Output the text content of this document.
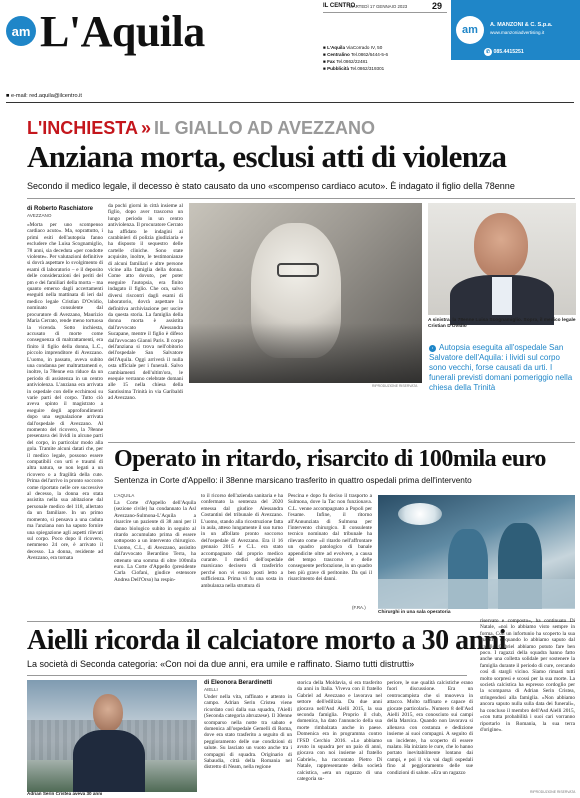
am L'Aquila
IL CENTRO
MARTEDÌ 17 GENNAIO 2023	29
■ L'Aquila ViaCorrado IV, 50
■ Centralino Tel.0862/6444-5-6
■ Fax Tel.0862/22481
■ Pubblicità Tel.0862/319301
am	A. MANZONI & C. S.p.a.
www.manzoniadvertising.it
✆ 085.4415251
■ e-mail: red.aquila@ilcentro.it
L'INCHIESTA » IL GIALLO AD AVEZZANO
Anziana morta, esclusi atti di violenza
Secondo il medico legale, il decesso è stato causato da uno «scompenso cardiaco acuto». È indagato il figlio della 78enne
di Roberto Raschiatore
AVEZZANO

«Morta per uno scompenso cardiaco acuto». Ma, soprattutto, i primi esiti dell'autopsia fanno escludere che Luisa Scognamiglio, 78 anni, sia deceduta «per condotte violente». Per valutazioni definitive si dovrà aspettare lo svolgimento di esami di laboratorio – e il deposito delle considerazioni dei periti del pm e dei familiari della morta – ma quanto emerso dagli accertamenti eseguiti nella mattinata di ieri dal medico legale Cristian D'Ovidio, nominato consulente dal procuratore di Avezzano, Maurizio Maria Cerrato, rende meno tortuosa la vicenda. Sotto inchiesta, accusato di morte come conseguenza di maltrattamenti, era finito il figlio della donna, L.C., piccolo imprenditore di Avezzano. L'uomo, in passato, aveva subito una condanna per maltrattamenti e, inoltre, la 78enne era riduce da un periodo di assistenza in un centro antiviolenza. L'anziana era arrivata in ospedale con delle ecchimosi su varie parti del corpo. Tutto ciò aveva spinto il magistrato a eseguire degli approfondimenti dopo una segnalazione arrivata dall'ospedale di Avezzano. Al momento del ricovero, la 78enne presentava dei lividi in alcune parti del corpo, in particolar modo alla gola. Tramite alcuni datati che, per il medico legale, possono essere compatibili con urti e traumi di altra natura, se non legati a un ricovero o a fragilità della cute. Prima dell'arrivo in pronto soccorso come riportato nelle ore successive al decesso, la donna era stata assistita nella sua abitazione dal personale medico del 118, allertato da un familiare. In un primo momento, si pensava a una caduta ma l'anziana non ha saputo fornire una spiegazione agli aspetti rilevati sul corpo. Poco dopo il ricovero, nemmeno 24 ore, è arrivato il decesso. La donna, residente ad Avezzano, era tornata

da pochi giorni in città insieme al figlio, dopo aver trascorso un lungo periodo in un centro antiviolenza. Il procuratore Cerrato ha affidato le indagini ai carabinieri di polizia giudiziaria e ha disposto il sequestro delle cartelle cliniche. Sono state acquisite, inoltre, le testimonianze di alcuni familiari e altre persone vicine alla famiglia della donna. Come atto dovuto, per poter eseguire l'autopsia, era finito indagato il figlio. Che ora, salvo diversi riscontri dagli esami di laboratorio, dovrà aspettare la definitiva archiviazione per uscire da questa storia. La famiglia della donna morta è assistita dall'avvocato Alessandra Sucapane, mentre il figlio è difeso dall'avvocato Gianni Paris. Il corpo dell'anziana si trova nell'obitorio dell'ospedale San Salvatore dell'Aquila. Oggi arriverà il nulla osta ufficiale per i funerali. Salvo cambiamenti dell'ultim'ora, le esequie verranno celebrate domani alle 15 nella chiesa della Santissima Trinità in via Garibaldi ad Avezzano.

RIPRODUZIONE RISERVATA
A sinistra, la 78enne Luisa Scognamiglio. Sopra, il medico legale Cristian D'Ovidio
› Autopsia eseguita all'ospedale San Salvatore dell'Aquila: i lividi sul corpo sono vecchi, forse causati da urti. I funerali previsti domani pomeriggio nella chiesa della Trinità
Operato in ritardo, risarcito di 100mila euro
Sentenza in Corte d'Appello: il 38enne marsicano trasferito in quattro ospedali prima dell'intervento
L'AQUILA

La Corte d'Appello dell'Aquila (sezione civile) ha condannato la Asl Avezzano-Sulmona-L'Aquila a risarcire un paziente di 38 anni per il danno biologico subito in seguito al ritardo accumulato prima di essere sottoposto a un intervento chirurgico. L'uomo, C.L., di Avezzano, assistito dall'avvocato Berardino Terra, ha ottenuto una somma di oltre 100mila euro. La Corte d'Appello (presidente Carla Ciofani, giudice estensore Andrea Dell'Orso) ha respin-

to il ricorso dell'azienda sanitaria e ha confermato la sentenza del 2020 emessa dal giudice Alessandra Costantini del tribunale di Avezzano. L'uomo, stando alla ricostruzione fatta in aula, atteso lungamente il suo turno in un affollato pronto soccorso dell'ospedale di Avezzano. Era il 16 gennaio 2015 e C.L. era stato accompagnato dal proprio medico curante. I medici dell'ospedale marsicano decisero di trasferirlo perché non vi erano posti letto a sufficienza. Prima vi fu una sosta in ambulanza nella struttura di

Pescina e dopo fu deciso il trasporto a Sulmona, dove la Tac non funzionava. C.L. venne accompagnato a Popoli per l'esame. Infine, il ritorno all'Annunziata di Sulmona per l'intervento chirurgico. Il consulente tecnico nominato dal tribunale ha rilevato come «il ritardo nell'affrontare un quadro patologico di banale appendicite oltre ad evolvere, a causa del tempo trascorso e delle conseguente perforazione, in un quadro ben più grave di peritonite. Da qui il risarcimento dei danni.

(F.RA.)
Chirurghi in una sala operatoria
Aielli ricorda il calciatore morto a 30 anni
La società di Seconda categoria: «Con noi da due anni, era umile e raffinato. Siamo tutti distrutti»
Adrian Serin Cristea aveva 30 anni
di Eleonora Berardinetti
AIELLI

Under nella vita, raffinato e attento in campo. Adrian Serin Cristea viene ricordato così dalla sua squadra, l'Aielli (Seconda categoria abruzzese). Il 30enne scomparso nella notte tra sabato e domenica all'ospedale Gemelli di Roma, dove era stato trasferito a seguito di un peggioramento delle sue condizioni di salute. Su lasciato un vuoto anche tra i compagni di squadra. Originario di Sabaudia, città della Romania nel distretto di Neam, nella regione

storica della Moldavia, si era trasferito da anni in Italia. Viveva con il fratello Gabriel ad Avezzano e lavorava nel settore dell'edilizia. Da due anni giocava nell'Asd Aielli 2015, la sua seconda famiglia. Proprio il club, domenica, ha dato l'annuncio della sua morte rimbalzata anche in paese. Domenica era in programma contro l'FSD Cerchio 2016. «Lo abbiamo avuto in squadra per un paio di anni, giocava con noi insieme al fratello Gabriel», ha raccontato Pietro Di Natale, rappresentante della società calcistica, «era un ragazzo di una categoria su-

periore, le sue qualità calcistiche erano fuori discussione. Era un centrocampista che si muoveva in attacco. Molto raffinato e capace di giocate particolari». Numero 8 dell'Asd Aielli 2015, era conosciuto sui campi della Marsica. Quando non lavorava si allenava con costanza e dedizione insieme ai suoi compagni. A seguito di un incidente, ha scoperto di essere malato. Ha iniziato le cure, che lo hanno portato inevitabilmente lontano dai campi, e poi il via vai dagli ospedali fino al peggioramento delle sue condizioni di salute. «Era un ragazzo

riservato e composto», ha continuato Di Natale, «noi lo abbiamo visto sempre in forma. Con un infortunio ha scoperto la sua malattia e quando lo abbiamo saputo dal fratello Gabriel abbiamo potuto fare ben poco. I ragazzi della squadra hanno fatto anche una colletta solidale per sostenere la famiglia durante il periodo di cure, cercando così di stargli vicino. Siamo rimasti tutti molto sorpresi e scossi per la sua morte. La società calcistica ha espresso cordoglio per la scomparsa di Adrian Serin Cristea, stringendosi alla famiglia. «Non abbiamo ancora saputo nulla sulla data dei funerali», ha concluso il membro dell'Asd Aielli 2015, «con tutta probabilità i suoi cari vorranno riportarlo in Romania, la sua terra d'origine».

RIPRODUZIONE RISERVATA
